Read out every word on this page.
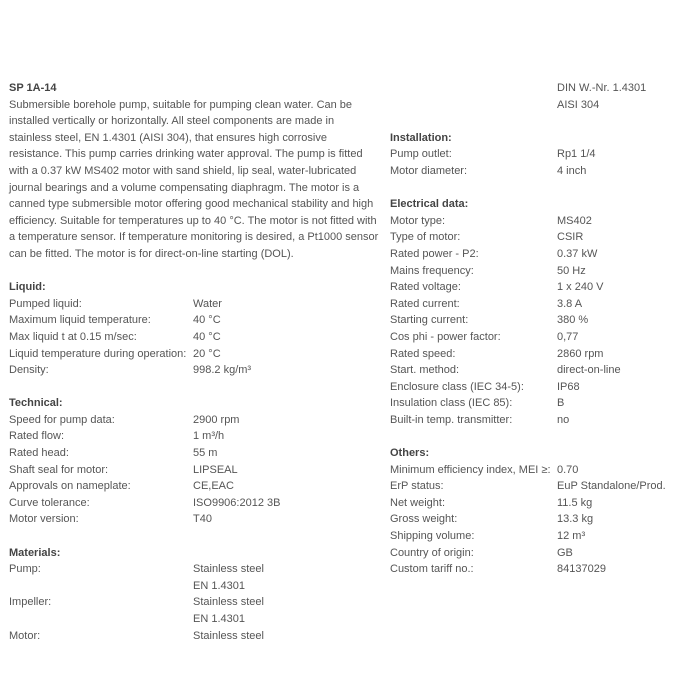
SP 1A-14

Submersible borehole pump, suitable for pumping clean water. Can be
installed vertically or horizontally. All steel components are made in
stainless steel, EN 1.4301 (AISI 304), that ensures high corrosive
resistance. This pump carries drinking water approval. The pump is fitted
with a 0.37 kW MS402 motor with sand shield, lip seal, water-lubricated
journal bearings and a volume compensating diaphragm. The motor is a
canned type submersible motor offering good mechanical stability and high
efficiency. Suitable for temperatures up to 40 °C. The motor is not fitted with
a temperature sensor. If temperature monitoring is desired, a Pt1000 sensor
can be fitted. The motor is for direct-on-line starting (DOL).

Liquid:
Pumped liquid:	Water
Maximum liquid temperature:	40 °C
Max liquid t at 0.15 m/sec:	40 °C
Liquid temperature during operation: 20 °C
Density:	998.2 kg/m³
Technical:
Speed for pump data:	2900 rpm
Rated flow:	1 m³/h
Rated head:	55 m
Shaft seal for motor:	LIPSEAL
Approvals on nameplate:	CE,EAC
Curve tolerance:	ISO9906:2012 3B
Motor version:	T40
Materials:
Pump:	Stainless steel
EN 1.4301
Impeller:	Stainless steel
EN 1.4301
Motor:	Stainless steel
DIN W.-Nr. 1.4301
AISI 304
Installation:
Pump outlet:	Rp1 1/4
Motor diameter:	4 inch
Electrical data:
Motor type:	MS402
Type of motor:	CSIR
Rated power - P2:	0.37 kW
Mains frequency:	50 Hz
Rated voltage:	1 x 240 V
Rated current:	3.8 A
Starting current:	380 %
Cos phi - power factor:	0,77
Rated speed:	2860 rpm
Start. method:	direct-on-line
Enclosure class (IEC 34-5):	IP68
Insulation class (IEC 85):	B
Built-in temp. transmitter:	no
Others:
Minimum efficiency index, MEI ≥: 0.70
ErP status:	EuP Standalone/Prod.
Net weight:	11.5 kg
Gross weight:	13.3 kg
Shipping volume:	12 m³
Country of origin:	GB
Custom tariff no.:	84137029
